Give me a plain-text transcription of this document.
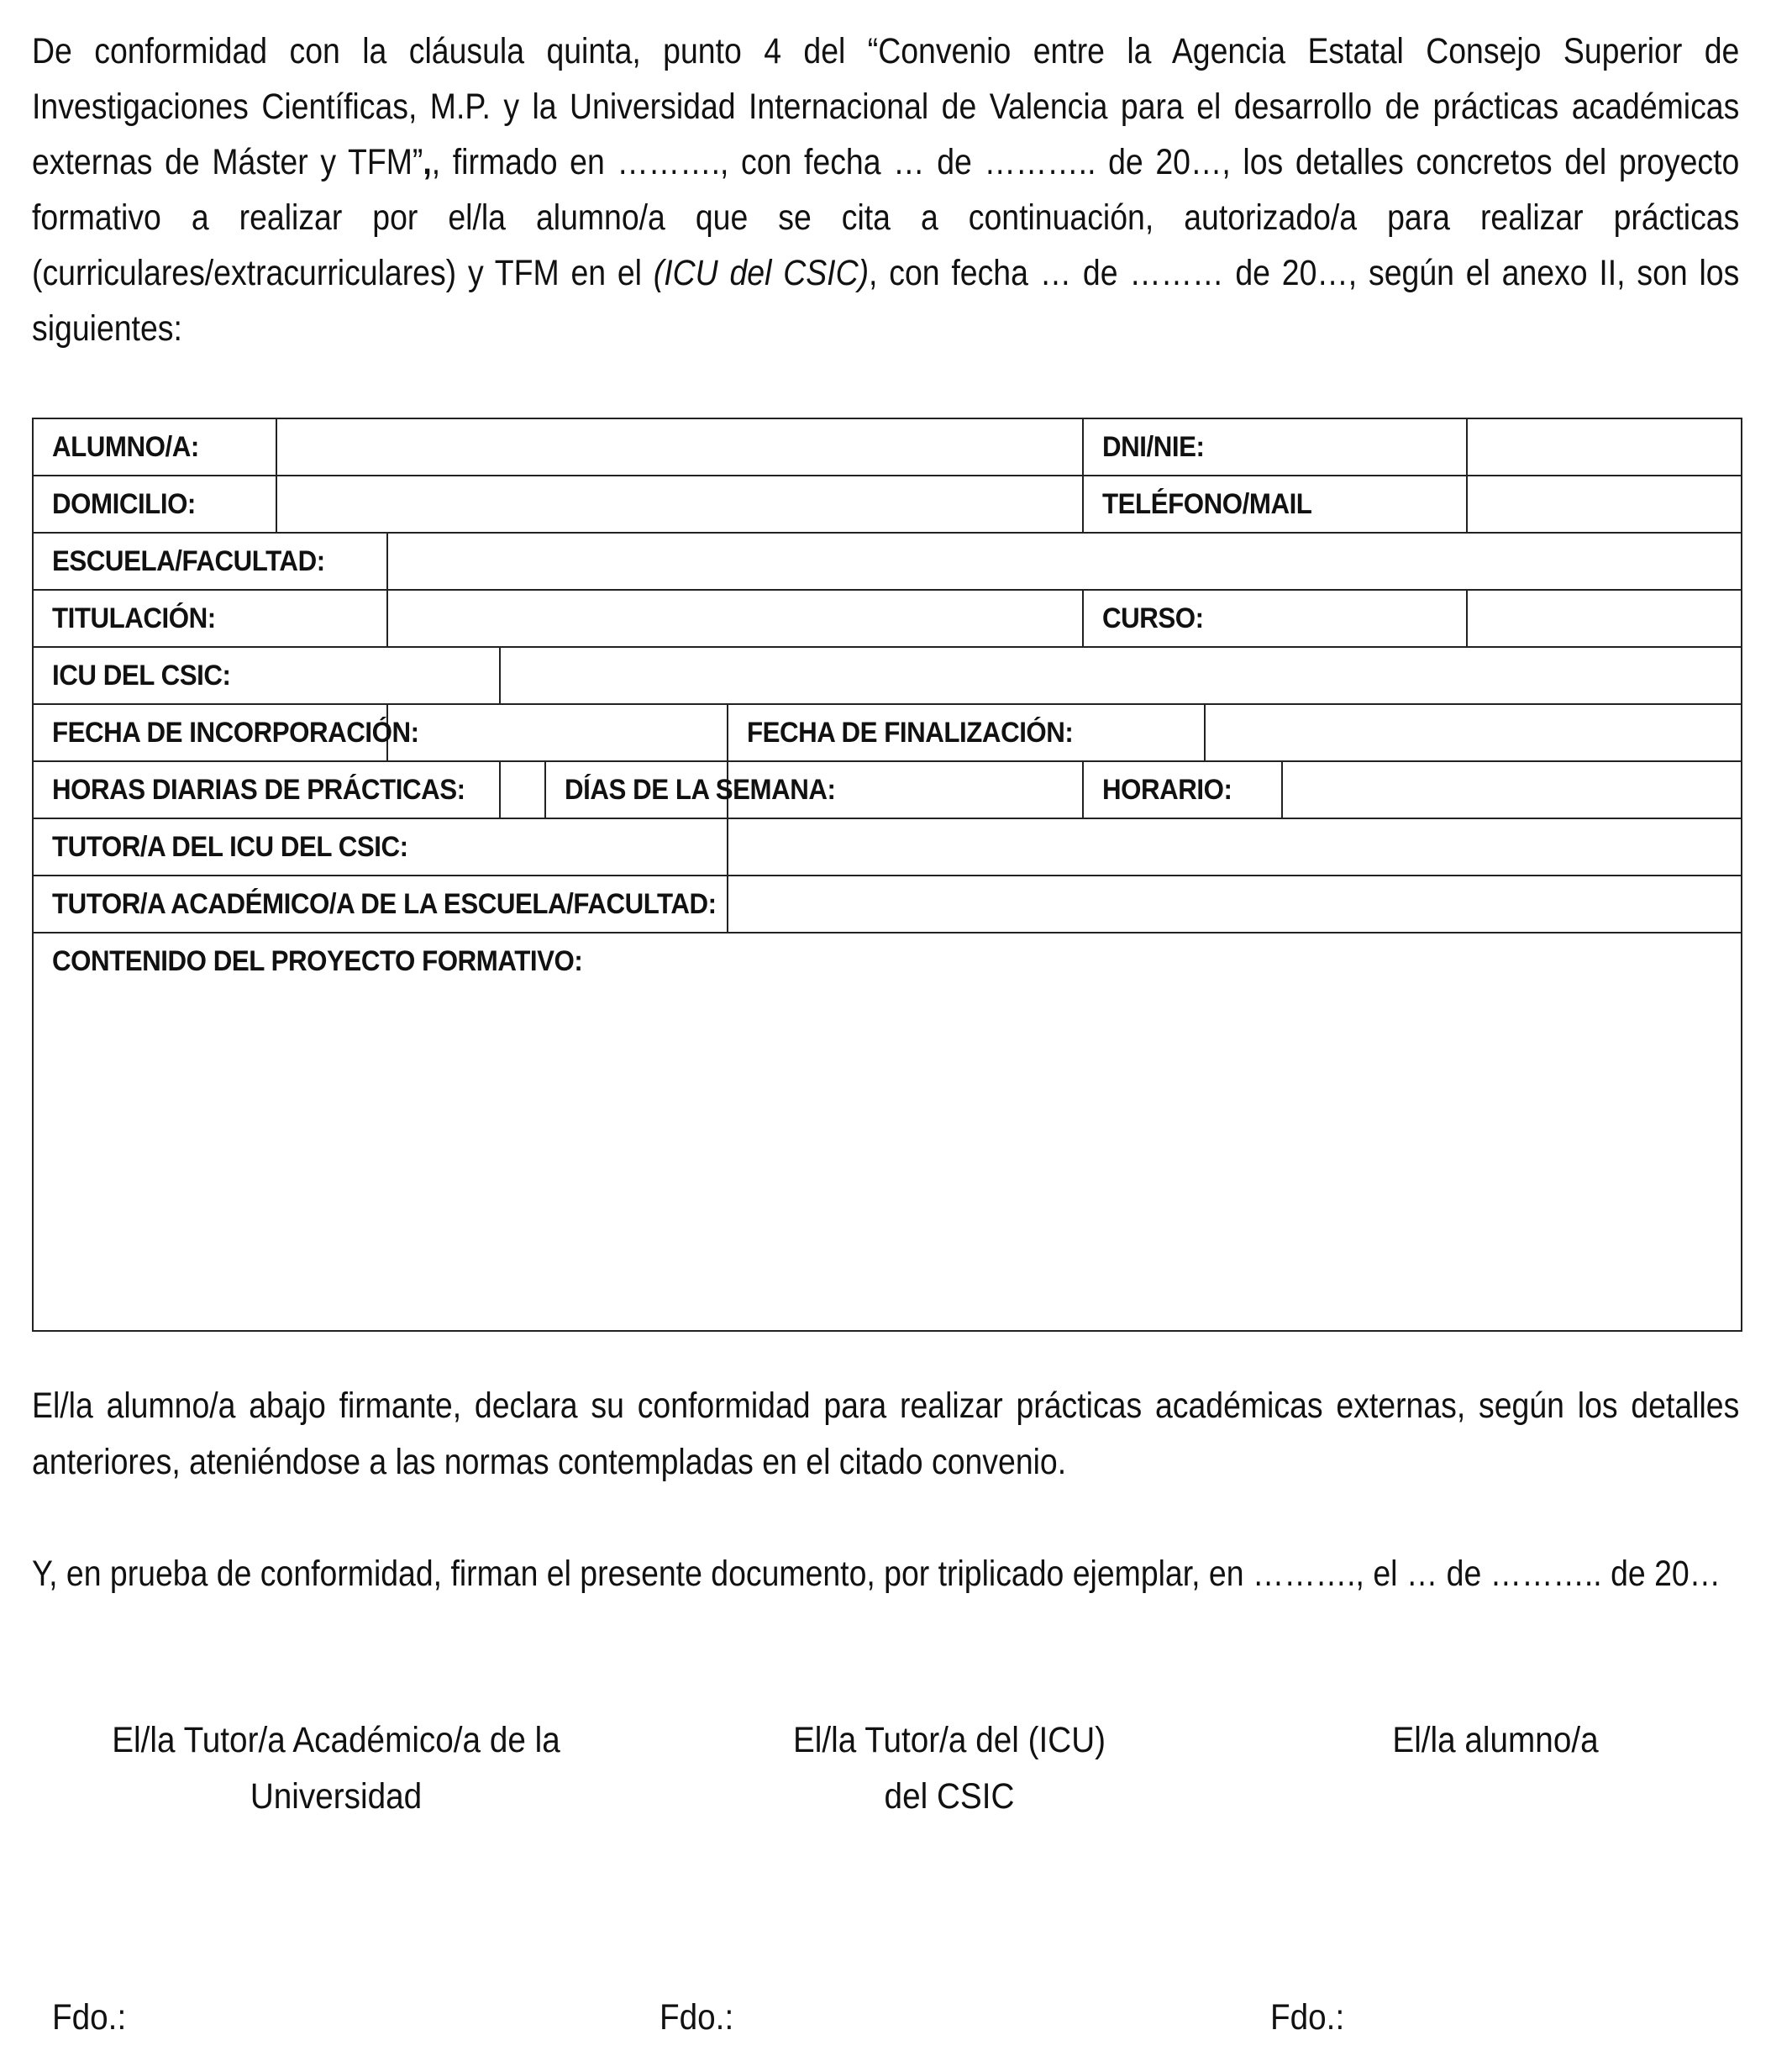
De conformidad con la cláusula quinta, punto 4 del “Convenio entre la Agencia Estatal Consejo Superior de Investigaciones Científicas, M.P. y la Universidad Internacional de Valencia para el desarrollo de prácticas académicas externas de Máster y TFM”,, firmado en ………., con fecha … de ……….. de 20…, los detalles concretos del proyecto formativo a realizar por el/la alumno/a que se cita a continuación, autorizado/a para realizar prácticas (curriculares/extracurriculares) y TFM en el (ICU del CSIC), con fecha … de ……… de 20…, según el anexo II, son los siguientes:
ALUMNO/A:						DNI/NIE:			
DOMICILIO:						TELÉFONO/MAIL			
ESCUELA/FACULTAD:									
TITULACIÓN:						CURSO:			
ICU DEL CSIC:									
FECHA DE INCORPORACIÓN:					FECHA DE FINALIZACIÓN:				
HORAS DIARIAS DE PRÁCTICAS:				DÍAS DE LA SEMANA:		HORARIO:			
TUTOR/A DEL ICU DEL CSIC:									
TUTOR/A ACADÉMICO/A DE LA ESCUELA/FACULTAD:									
CONTENIDO DEL PROYECTO FORMATIVO:									
El/la alumno/a abajo firmante, declara su conformidad para realizar prácticas académicas externas, según los detalles anteriores, ateniéndose a las normas contempladas en el citado convenio.
Y, en prueba de conformidad, firman el presente documento, por triplicado ejemplar, en ………., el … de ……….. de 20…
El/la Tutor/a Académico/a de la
Universidad
El/la Tutor/a del (ICU)
del CSIC
El/la alumno/a
Fdo.:	Fdo.:	Fdo.:
